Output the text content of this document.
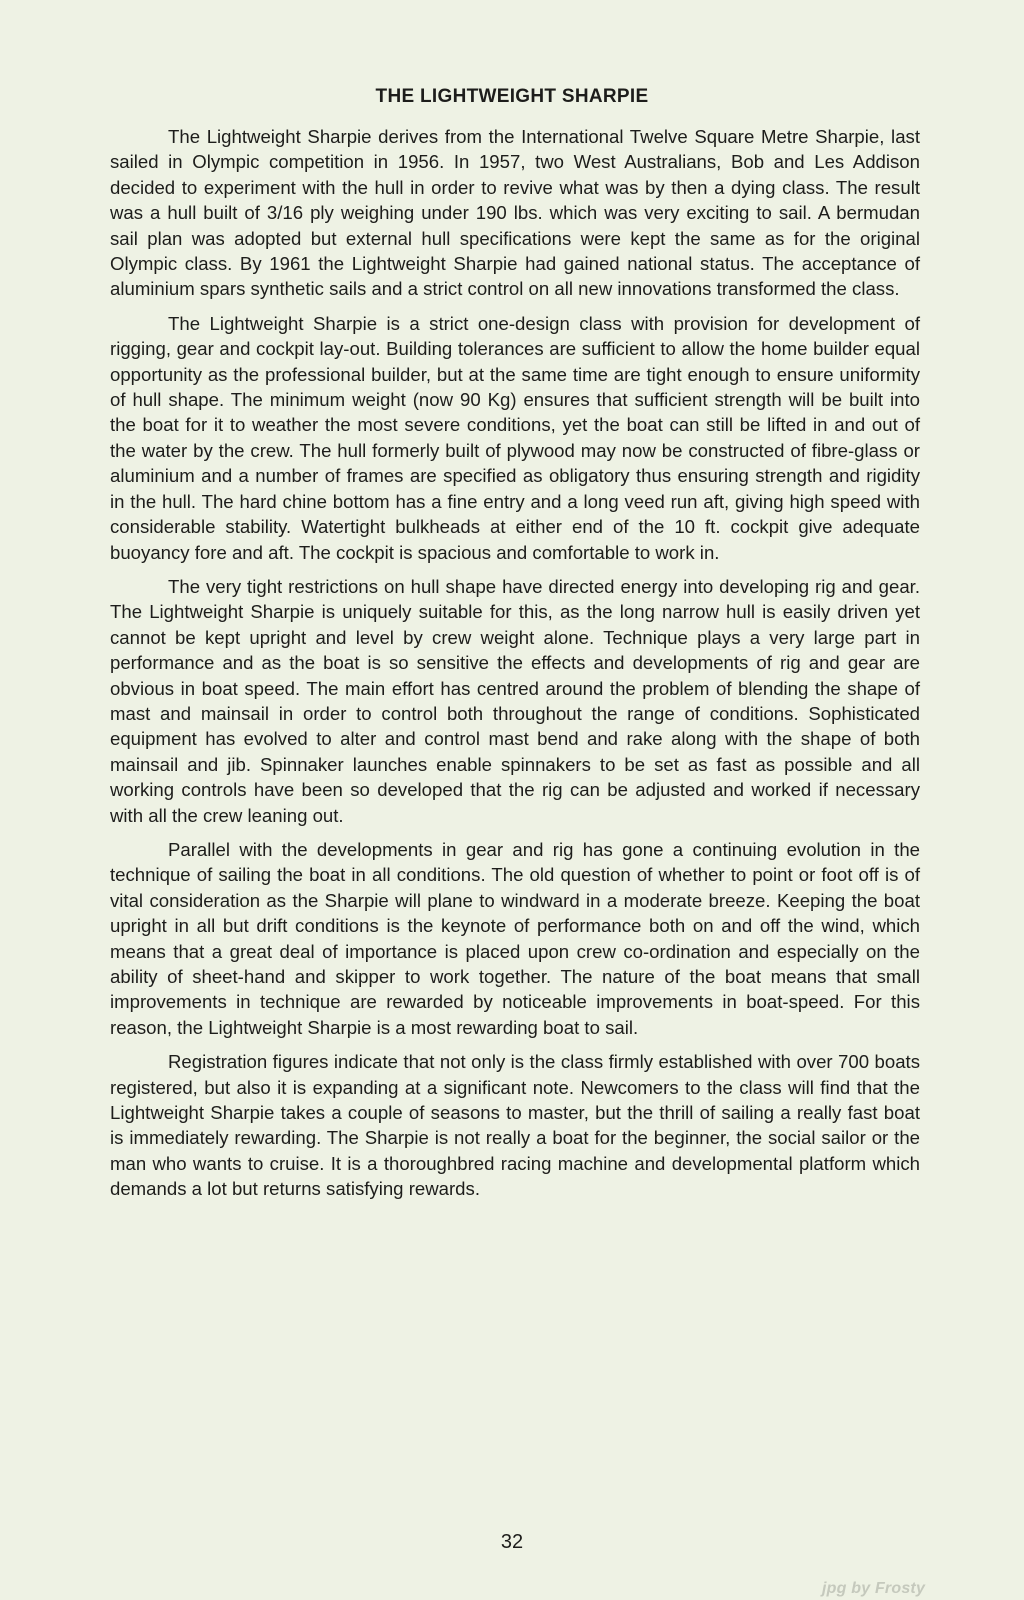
THE LIGHTWEIGHT SHARPIE

The Lightweight Sharpie derives from the International Twelve Square Metre Sharpie, last sailed in Olympic competition in 1956. In 1957, two West Australians, Bob and Les Addison decided to experiment with the hull in order to revive what was by then a dying class. The result was a hull built of 3/16 ply weighing under 190 lbs. which was very exciting to sail. A bermudan sail plan was adopted but external hull specifications were kept the same as for the original Olympic class. By 1961 the Lightweight Sharpie had gained national status. The acceptance of aluminium spars synthetic sails and a strict control on all new innovations transformed the class.

The Lightweight Sharpie is a strict one-design class with provision for development of rigging, gear and cockpit lay-out. Building tolerances are sufficient to allow the home builder equal opportunity as the professional builder, but at the same time are tight enough to ensure uniformity of hull shape. The minimum weight (now 90 Kg) ensures that sufficient strength will be built into the boat for it to weather the most severe conditions, yet the boat can still be lifted in and out of the water by the crew. The hull formerly built of plywood may now be constructed of fibre-glass or aluminium and a number of frames are specified as obligatory thus ensuring strength and rigidity in the hull. The hard chine bottom has a fine entry and a long veed run aft, giving high speed with considerable stability. Watertight bulkheads at either end of the 10 ft. cockpit give adequate buoyancy fore and aft. The cockpit is spacious and comfortable to work in.

The very tight restrictions on hull shape have directed energy into developing rig and gear. The Lightweight Sharpie is uniquely suitable for this, as the long narrow hull is easily driven yet cannot be kept upright and level by crew weight alone. Technique plays a very large part in performance and as the boat is so sensitive the effects and developments of rig and gear are obvious in boat speed. The main effort has centred around the problem of blending the shape of mast and mainsail in order to control both throughout the range of conditions. Sophisticated equipment has evolved to alter and control mast bend and rake along with the shape of both mainsail and jib. Spinnaker launches enable spinnakers to be set as fast as possible and all working controls have been so developed that the rig can be adjusted and worked if necessary with all the crew leaning out.

Parallel with the developments in gear and rig has gone a continuing evolution in the technique of sailing the boat in all conditions. The old question of whether to point or foot off is of vital consideration as the Sharpie will plane to windward in a moderate breeze. Keeping the boat upright in all but drift conditions is the keynote of performance both on and off the wind, which means that a great deal of importance is placed upon crew co-ordination and especially on the ability of sheet-hand and skipper to work together. The nature of the boat means that small improvements in technique are rewarded by noticeable improvements in boat-speed. For this reason, the Lightweight Sharpie is a most rewarding boat to sail.

Registration figures indicate that not only is the class firmly established with over 700 boats registered, but also it is expanding at a significant note. Newcomers to the class will find that the Lightweight Sharpie takes a couple of seasons to master, but the thrill of sailing a really fast boat is immediately rewarding. The Sharpie is not really a boat for the beginner, the social sailor or the man who wants to cruise. It is a thoroughbred racing machine and developmental platform which demands a lot but returns satisfying rewards.

32

jpg by Frosty
